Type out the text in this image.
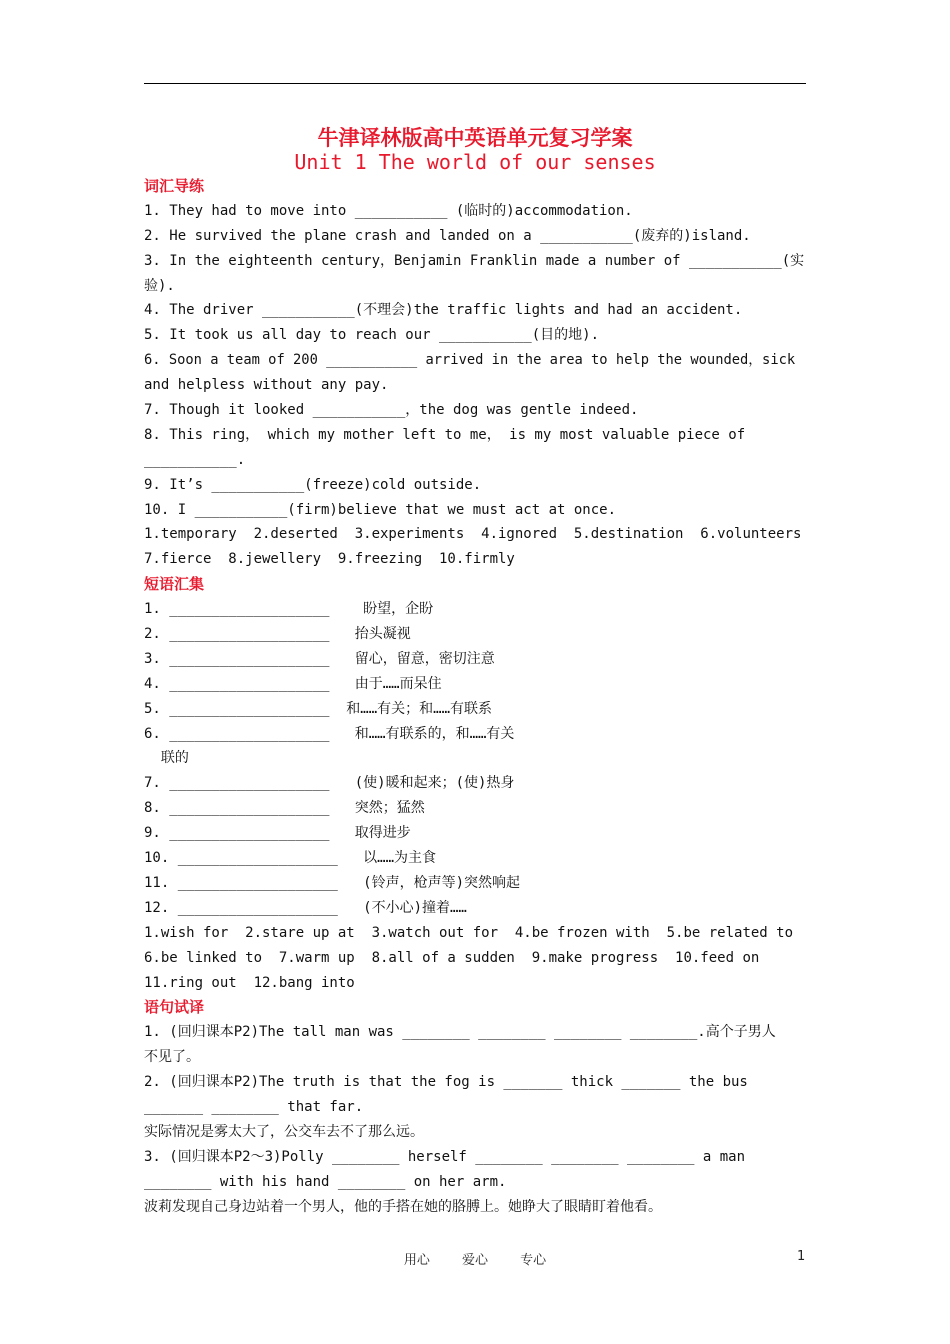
牛津译林版高中英语单元复习学案
Unit 1 The world of our senses
词汇导练
1. They had to move into ___________ (临时的)accommodation.
2. He survived the plane crash and landed on a ___________(废弃的)island.
3. In the eighteenth century，Benjamin Franklin made a number of ___________(实
验).
4. The driver ___________(不理会)the traffic lights and had an accident.
5. It took us all day to reach our ___________(目的地).
6. Soon a team of 200 ___________ arrived in the area to help the wounded，sick
and helpless without any pay.
7. Though it looked ___________，the dog was gentle indeed.
8. This ring， which my mother left to me， is my most valuable piece of
___________.
9. It’s ___________(freeze)cold outside.
10. I ___________(firm)believe that we must act at once.
1.temporary  2.deserted  3.experiments  4.ignored  5.destination  6.volunteers
7.fierce  8.jewellery  9.freezing  10.firmly
短语汇集
1. ___________________    盼望，企盼
2. ___________________   抬头凝视
3. ___________________   留心，留意，密切注意
4. ___________________   由于……而呆住
5. ___________________  和……有关；和……有联系
6. ___________________   和……有联系的，和……有关
联的
7. ___________________   (使)暖和起来；(使)热身
8. ___________________   突然；猛然
9. ___________________   取得进步
10. ___________________   以……为主食
11. ___________________   (铃声，枪声等)突然响起
12. ___________________   (不小心)撞着……
1.wish for  2.stare up at  3.watch out for  4.be frozen with  5.be related to
6.be linked to  7.warm up  8.all of a sudden  9.make progress  10.feed on
11.ring out  12.bang into
语句试译
1. (回归课本P2)The tall man was ________ ________ ________ ________.高个子男人
不见了。
2. (回归课本P2)The truth is that the fog is _______ thick _______ the bus
_______ ________ that far.
实际情况是雾太大了，公交车去不了那么远。
3. (回归课本P2～3)Polly ________ herself ________ ________ ________ a man
________ with his hand ________ on her arm.
波莉发现自己身边站着一个男人，他的手搭在她的胳膊上。她睁大了眼睛盯着他看。
用心 爱心 专心	1
